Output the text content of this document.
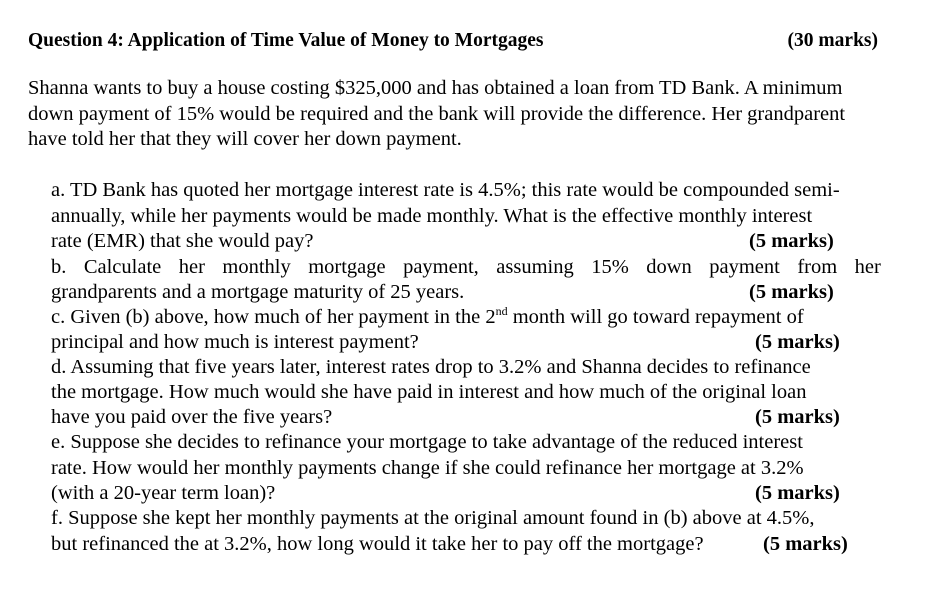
Question 4: Application of Time Value of Money to Mortgages	(30 marks)
Shanna wants to buy a house costing $325,000 and has obtained a loan from TD Bank. A minimum
down payment of 15% would be required and the bank will provide the difference. Her grandparent
have told her that they will cover her down payment.
a. TD Bank has quoted her mortgage interest rate is 4.5%; this rate would be compounded semi-
annually, while her payments would be made monthly. What is the effective monthly interest
rate (EMR) that she would pay?	(5 marks)
b. Calculate her monthly mortgage payment, assuming 15% down payment from her
grandparents and a mortgage maturity of 25 years.	(5 marks)
c. Given (b) above, how much of her payment in the 2nd month will go toward repayment of
principal and how much is interest payment?	(5 marks)
d. Assuming that five years later, interest rates drop to 3.2% and Shanna decides to refinance
the mortgage. How much would she have paid in interest and how much of the original loan
have you paid over the five years?	(5 marks)
e. Suppose she decides to refinance your mortgage to take advantage of the reduced interest
rate. How would her monthly payments change if she could refinance her mortgage at 3.2%
(with a 20-year term loan)?	(5 marks)
f. Suppose she kept her monthly payments at the original amount found in (b) above at 4.5%,
but refinanced the at 3.2%, how long would it take her to pay off the mortgage?	(5 marks)
